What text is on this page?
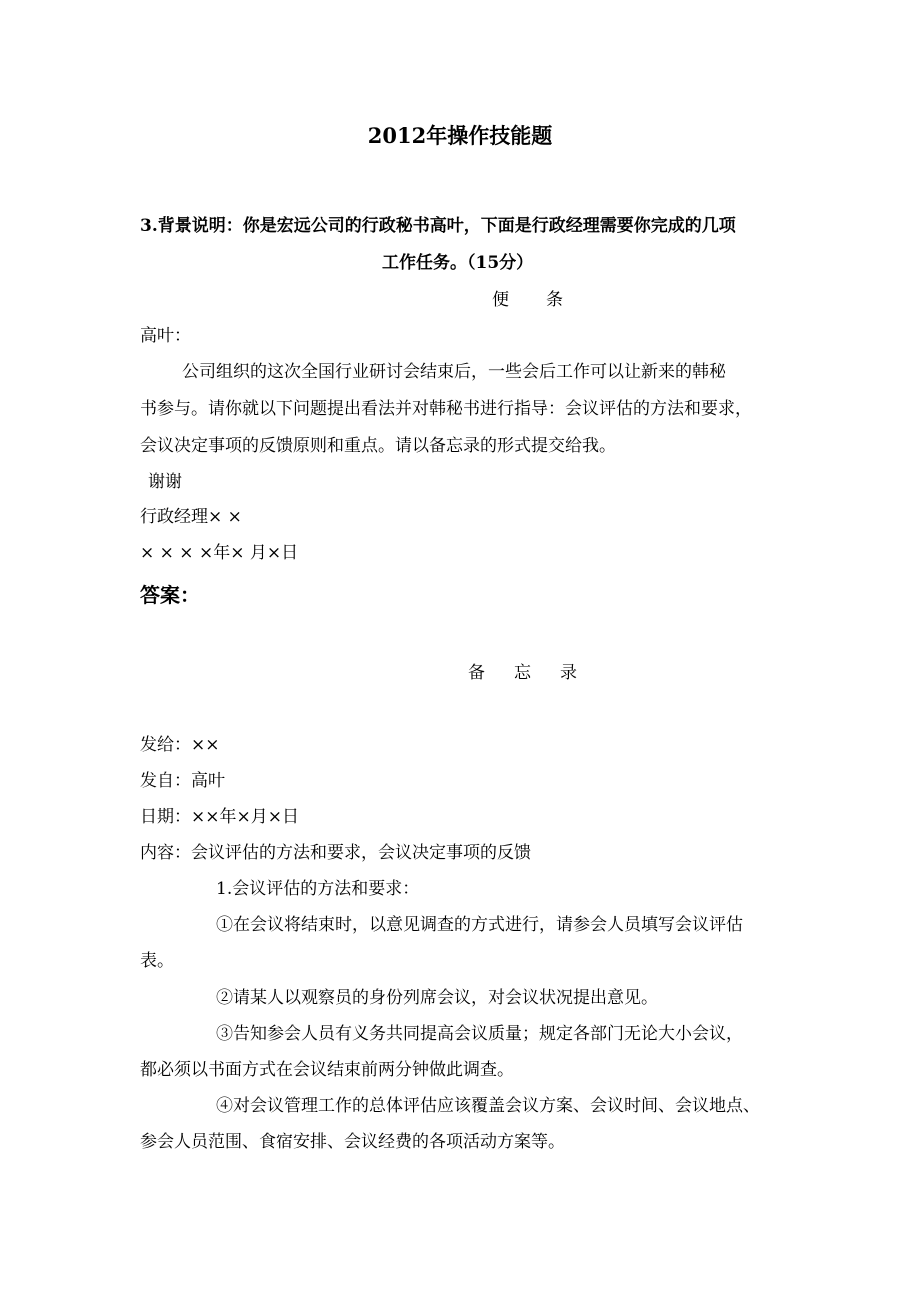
2012年操作技能题
3.背景说明：你是宏远公司的行政秘书高叶，下面是行政经理需要你完成的几项
工作任务。（15分）
便　条
高叶：
公司组织的这次全国行业研讨会结束后，一些会后工作可以让新来的韩秘
书参与。请你就以下问题提出看法并对韩秘书进行指导：会议评估的方法和要求，
会议决定事项的反馈原则和重点。请以备忘录的形式提交给我。
谢谢
行政经理× ×
× × × ×年× 月×日
答案：
备　忘　录
发给：××
发自：高叶
日期：××年×月×日
内容：会议评估的方法和要求，会议决定事项的反馈
1.会议评估的方法和要求：
①在会议将结束时，以意见调查的方式进行，请参会人员填写会议评估
表。
②请某人以观察员的身份列席会议，对会议状况提出意见。
③告知参会人员有义务共同提高会议质量；规定各部门无论大小会议，
都必须以书面方式在会议结束前两分钟做此调查。
④对会议管理工作的总体评估应该覆盖会议方案、会议时间、会议地点、
参会人员范围、食宿安排、会议经费的各项活动方案等。
